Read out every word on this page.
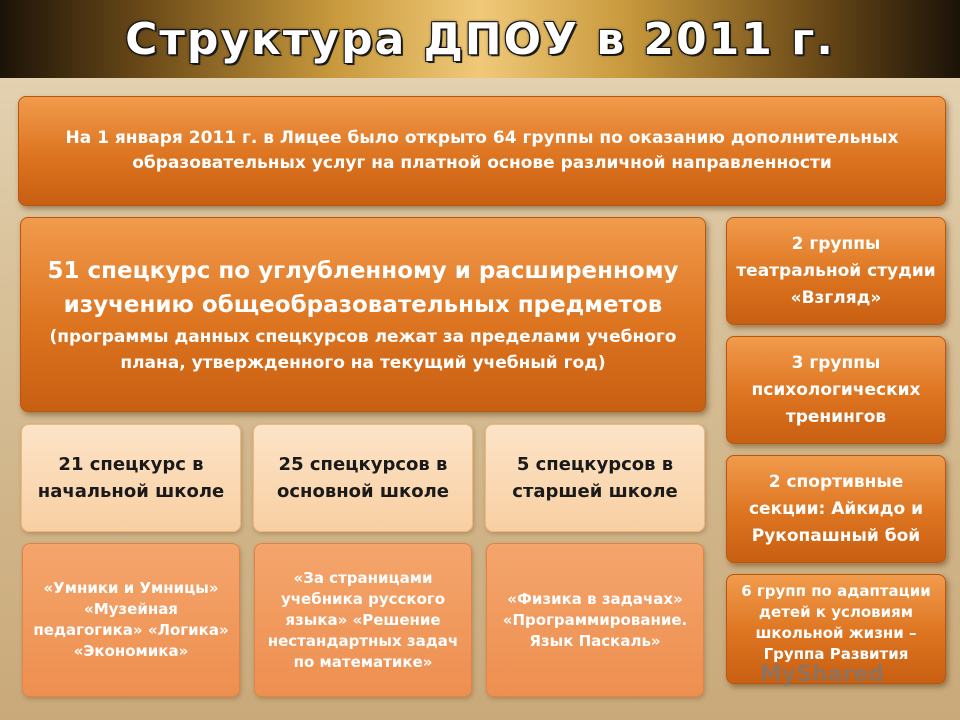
Структура ДПОУ в 2011 г.
На 1 января 2011 г. в Лицее было открыто 64 группы по оказанию дополнительных образовательных услуг на платной основе различной направленности
51 спецкурс по углубленному и расширенному изучению общеобразовательных предметов
(программы данных спецкурсов лежат за пределами учебного плана, утвержденного на текущий учебный год)
21 спецкурс в начальной школе
25 спецкурсов в основной школе
5 спецкурсов в старшей школе
«Умники и Умницы» «Музейная педагогика» «Логика» «Экономика»
«За страницами учебника русского языка» «Решение нестандартных задач по математике»
«Физика в задачах» «Программирование. Язык Паскаль»
2 группы театральной студии «Взгляд»
3 группы психологических тренингов
2 спортивные секции: Айкидо и Рукопашный бой
6 групп по адаптации детей к условиям школьной жизни – Группа Развития
MyShared
